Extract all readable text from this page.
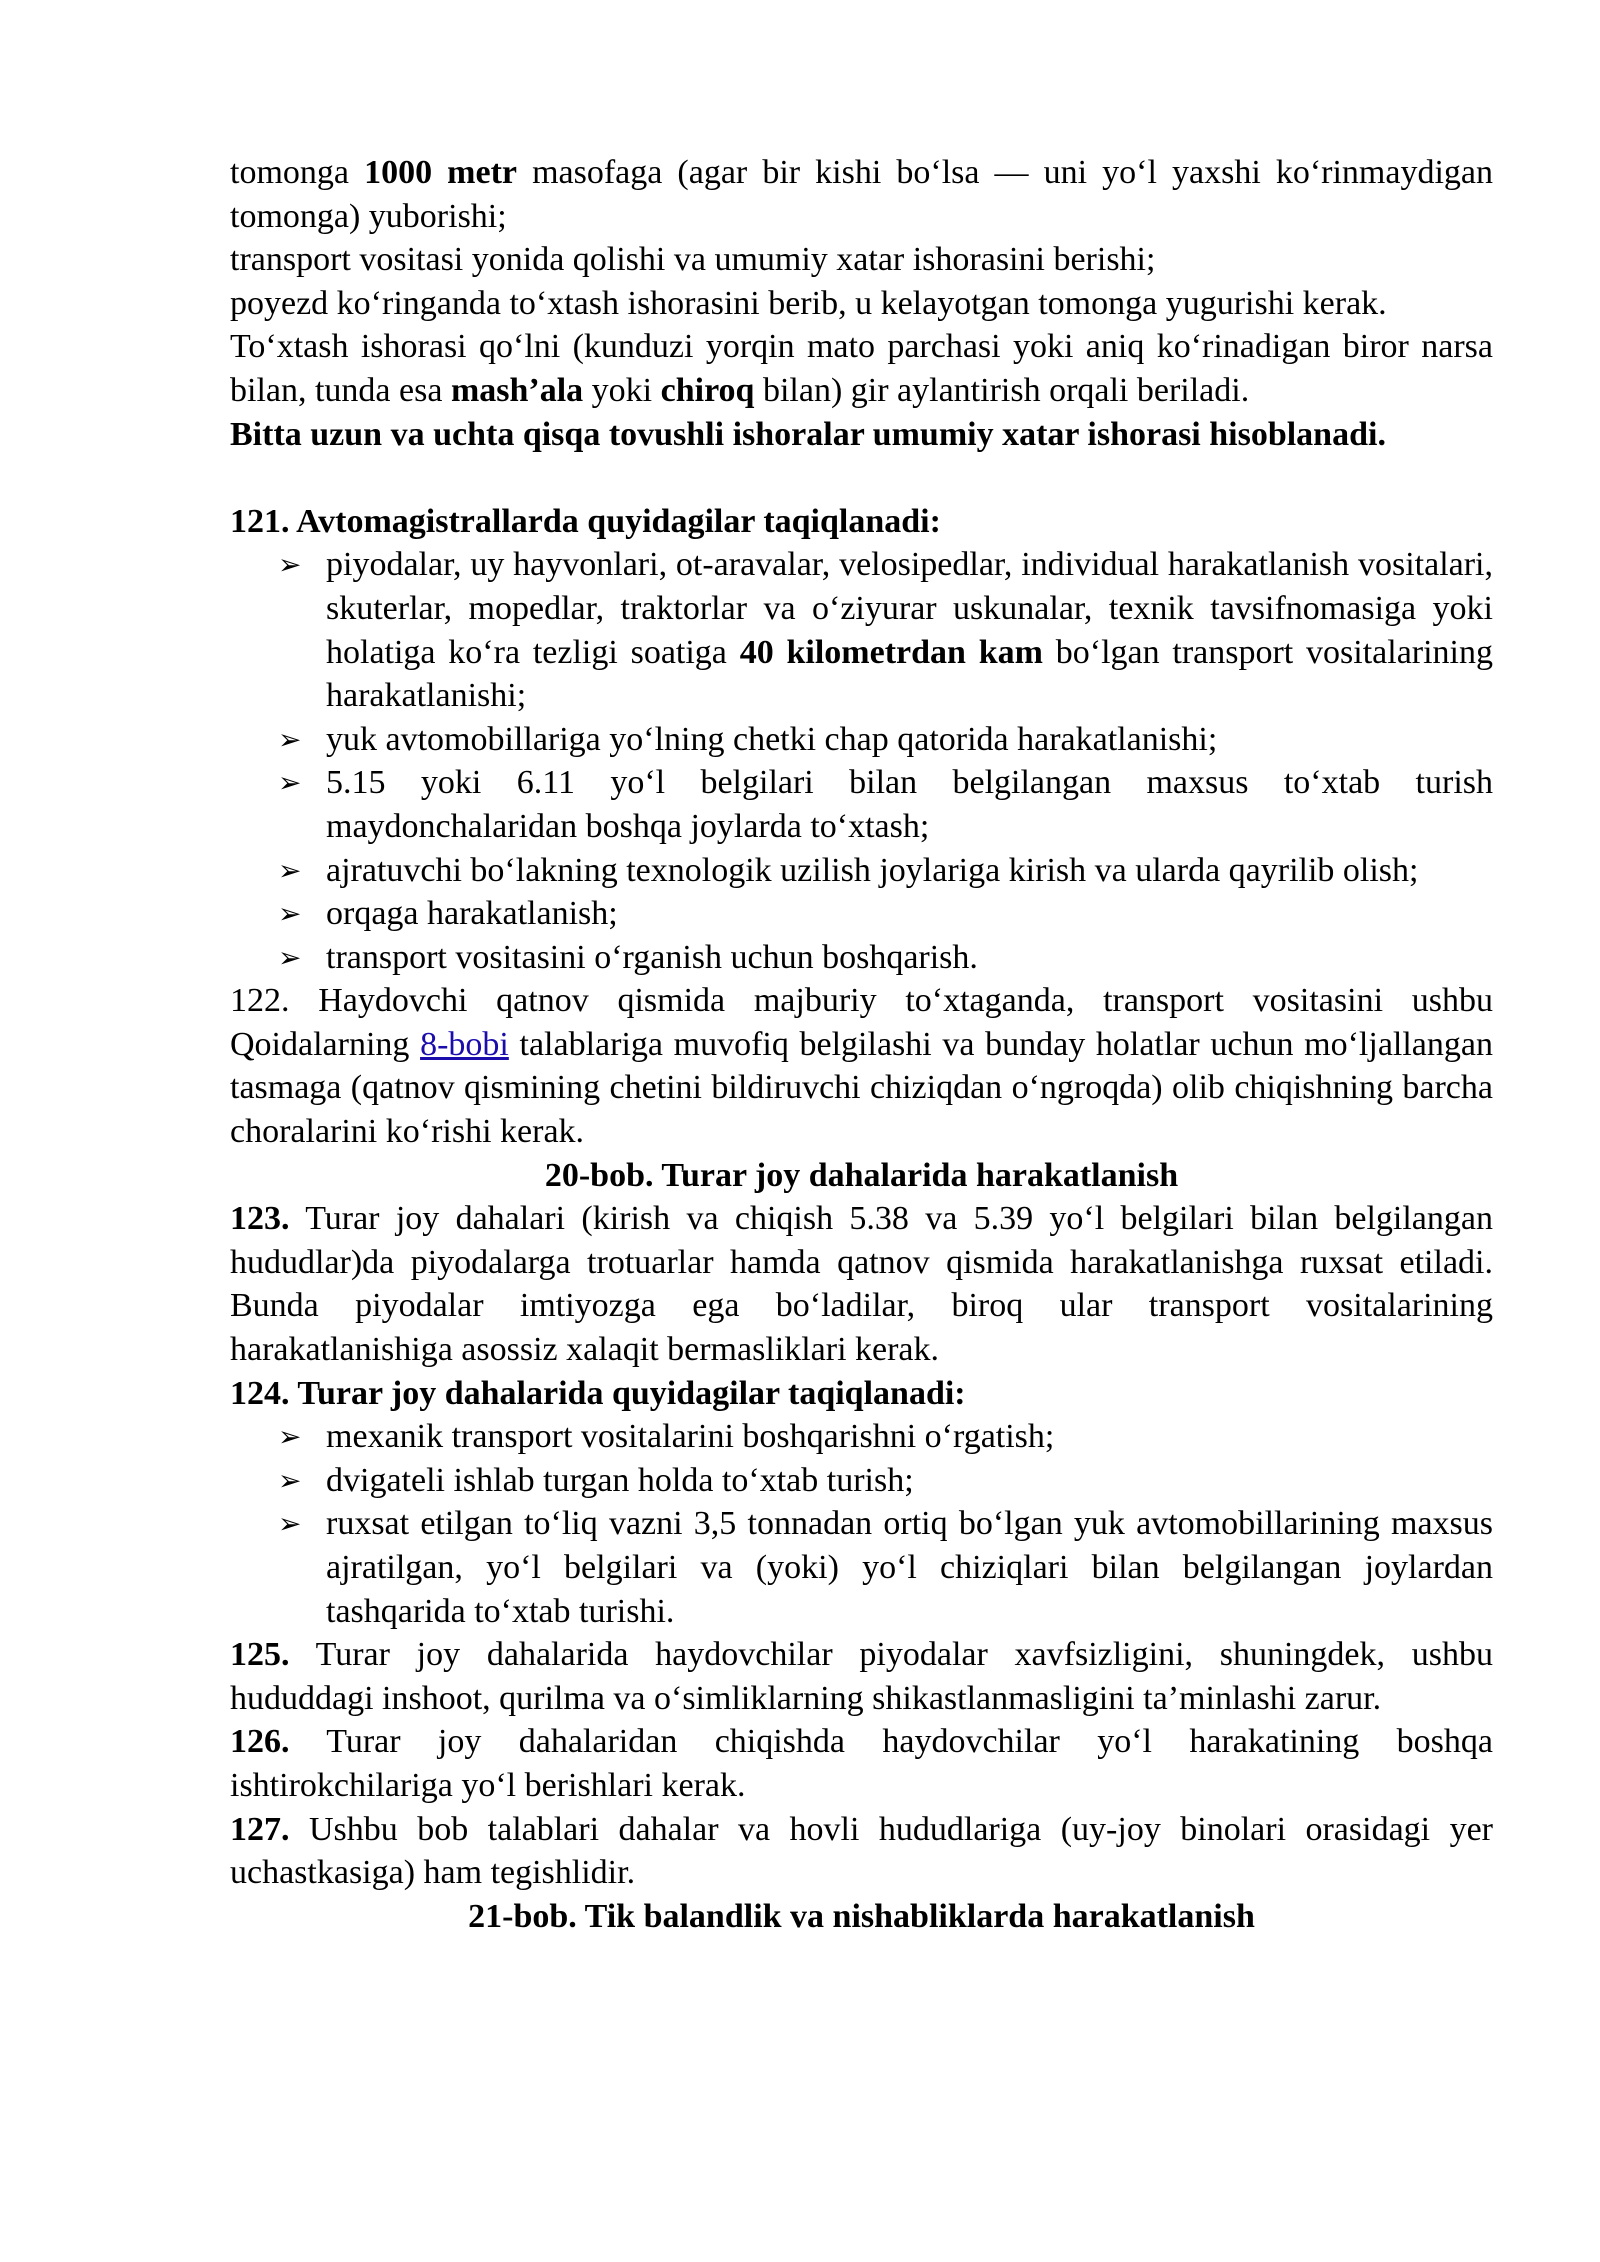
tomonga 1000 metr masofaga (agar bir kishi bo‘lsa — uni yo‘l yaxshi ko‘rinmaydigan tomonga) yuborishi;

transport vositasi yonida qolishi va umumiy xatar ishorasini berishi;

poyezd ko‘ringanda to‘xtash ishorasini berib, u kelayotgan tomonga yugurishi kerak.

To‘xtash ishorasi qo‘lni (kunduzi yorqin mato parchasi yoki aniq ko‘rinadigan biror narsa bilan, tunda esa mash’ala yoki chiroq bilan) gir aylantirish orqali beriladi.

Bitta uzun va uchta qisqa tovushli ishoralar umumiy xatar ishorasi hisoblanadi.

121. Avtomagistrallarda quyidagilar taqiqlanadi:

➢ piyodalar, uy hayvonlari, ot-aravalar, velosipedlar, individual harakatlanish vositalari, skuterlar, mopedlar, traktorlar va o‘ziyurar uskunalar, texnik tavsifnomasiga yoki holatiga ko‘ra tezligi soatiga 40 kilometrdan kam bo‘lgan transport vositalarining harakatlanishi;
➢ yuk avtomobillariga yo‘lning chetki chap qatorida harakatlanishi;
➢ 5.15 yoki 6.11 yo‘l belgilari bilan belgilangan maxsus to‘xtab turish maydonchalaridan boshqa joylarda to‘xtash;
➢ ajratuvchi bo‘lakning texnologik uzilish joylariga kirish va ularda qayrilib olish;
➢ orqaga harakatlanish;
➢ transport vositasini o‘rganish uchun boshqarish.

122. Haydovchi qatnov qismida majburiy to‘xtaganda, transport vositasini ushbu Qoidalarning 8-bobi talablariga muvofiq belgilashi va bunday holatlar uchun mo‘ljallangan tasmaga (qatnov qismining chetini bildiruvchi chiziqdan o‘ngroqda) olib chiqishning barcha choralarini ko‘rishi kerak.

20-bob. Turar joy dahalarida harakatlanish

123. Turar joy dahalari (kirish va chiqish 5.38 va 5.39 yo‘l belgilari bilan belgilangan hududlar)da piyodalarga trotuarlar hamda qatnov qismida harakatlanishga ruxsat etiladi. Bunda piyodalar imtiyozga ega bo‘ladilar, biroq ular transport vositalarining harakatlanishiga asossiz xalaqit bermasliklari kerak.

124. Turar joy dahalarida quyidagilar taqiqlanadi:

➢ mexanik transport vositalarini boshqarishni o‘rgatish;
➢ dvigateli ishlab turgan holda to‘xtab turish;
➢ ruxsat etilgan to‘liq vazni 3,5 tonnadan ortiq bo‘lgan yuk avtomobillarining maxsus ajratilgan, yo‘l belgilari va (yoki) yo‘l chiziqlari bilan belgilangan joylardan tashqarida to‘xtab turishi.

125. Turar joy dahalarida haydovchilar piyodalar xavfsizligini, shuningdek, ushbu hududdagi inshoot, qurilma va o‘simliklarning shikastlanmasligini ta’minlashi zarur.

126. Turar joy dahalaridan chiqishda haydovchilar yo‘l harakatining boshqa ishtirokchilariga yo‘l berishlari kerak.

127. Ushbu bob talablari dahalar va hovli hududlariga (uy-joy binolari orasidagi yer uchastkasiga) ham tegishlidir.

21-bob. Tik balandlik va nishabliklarda harakatlanish
